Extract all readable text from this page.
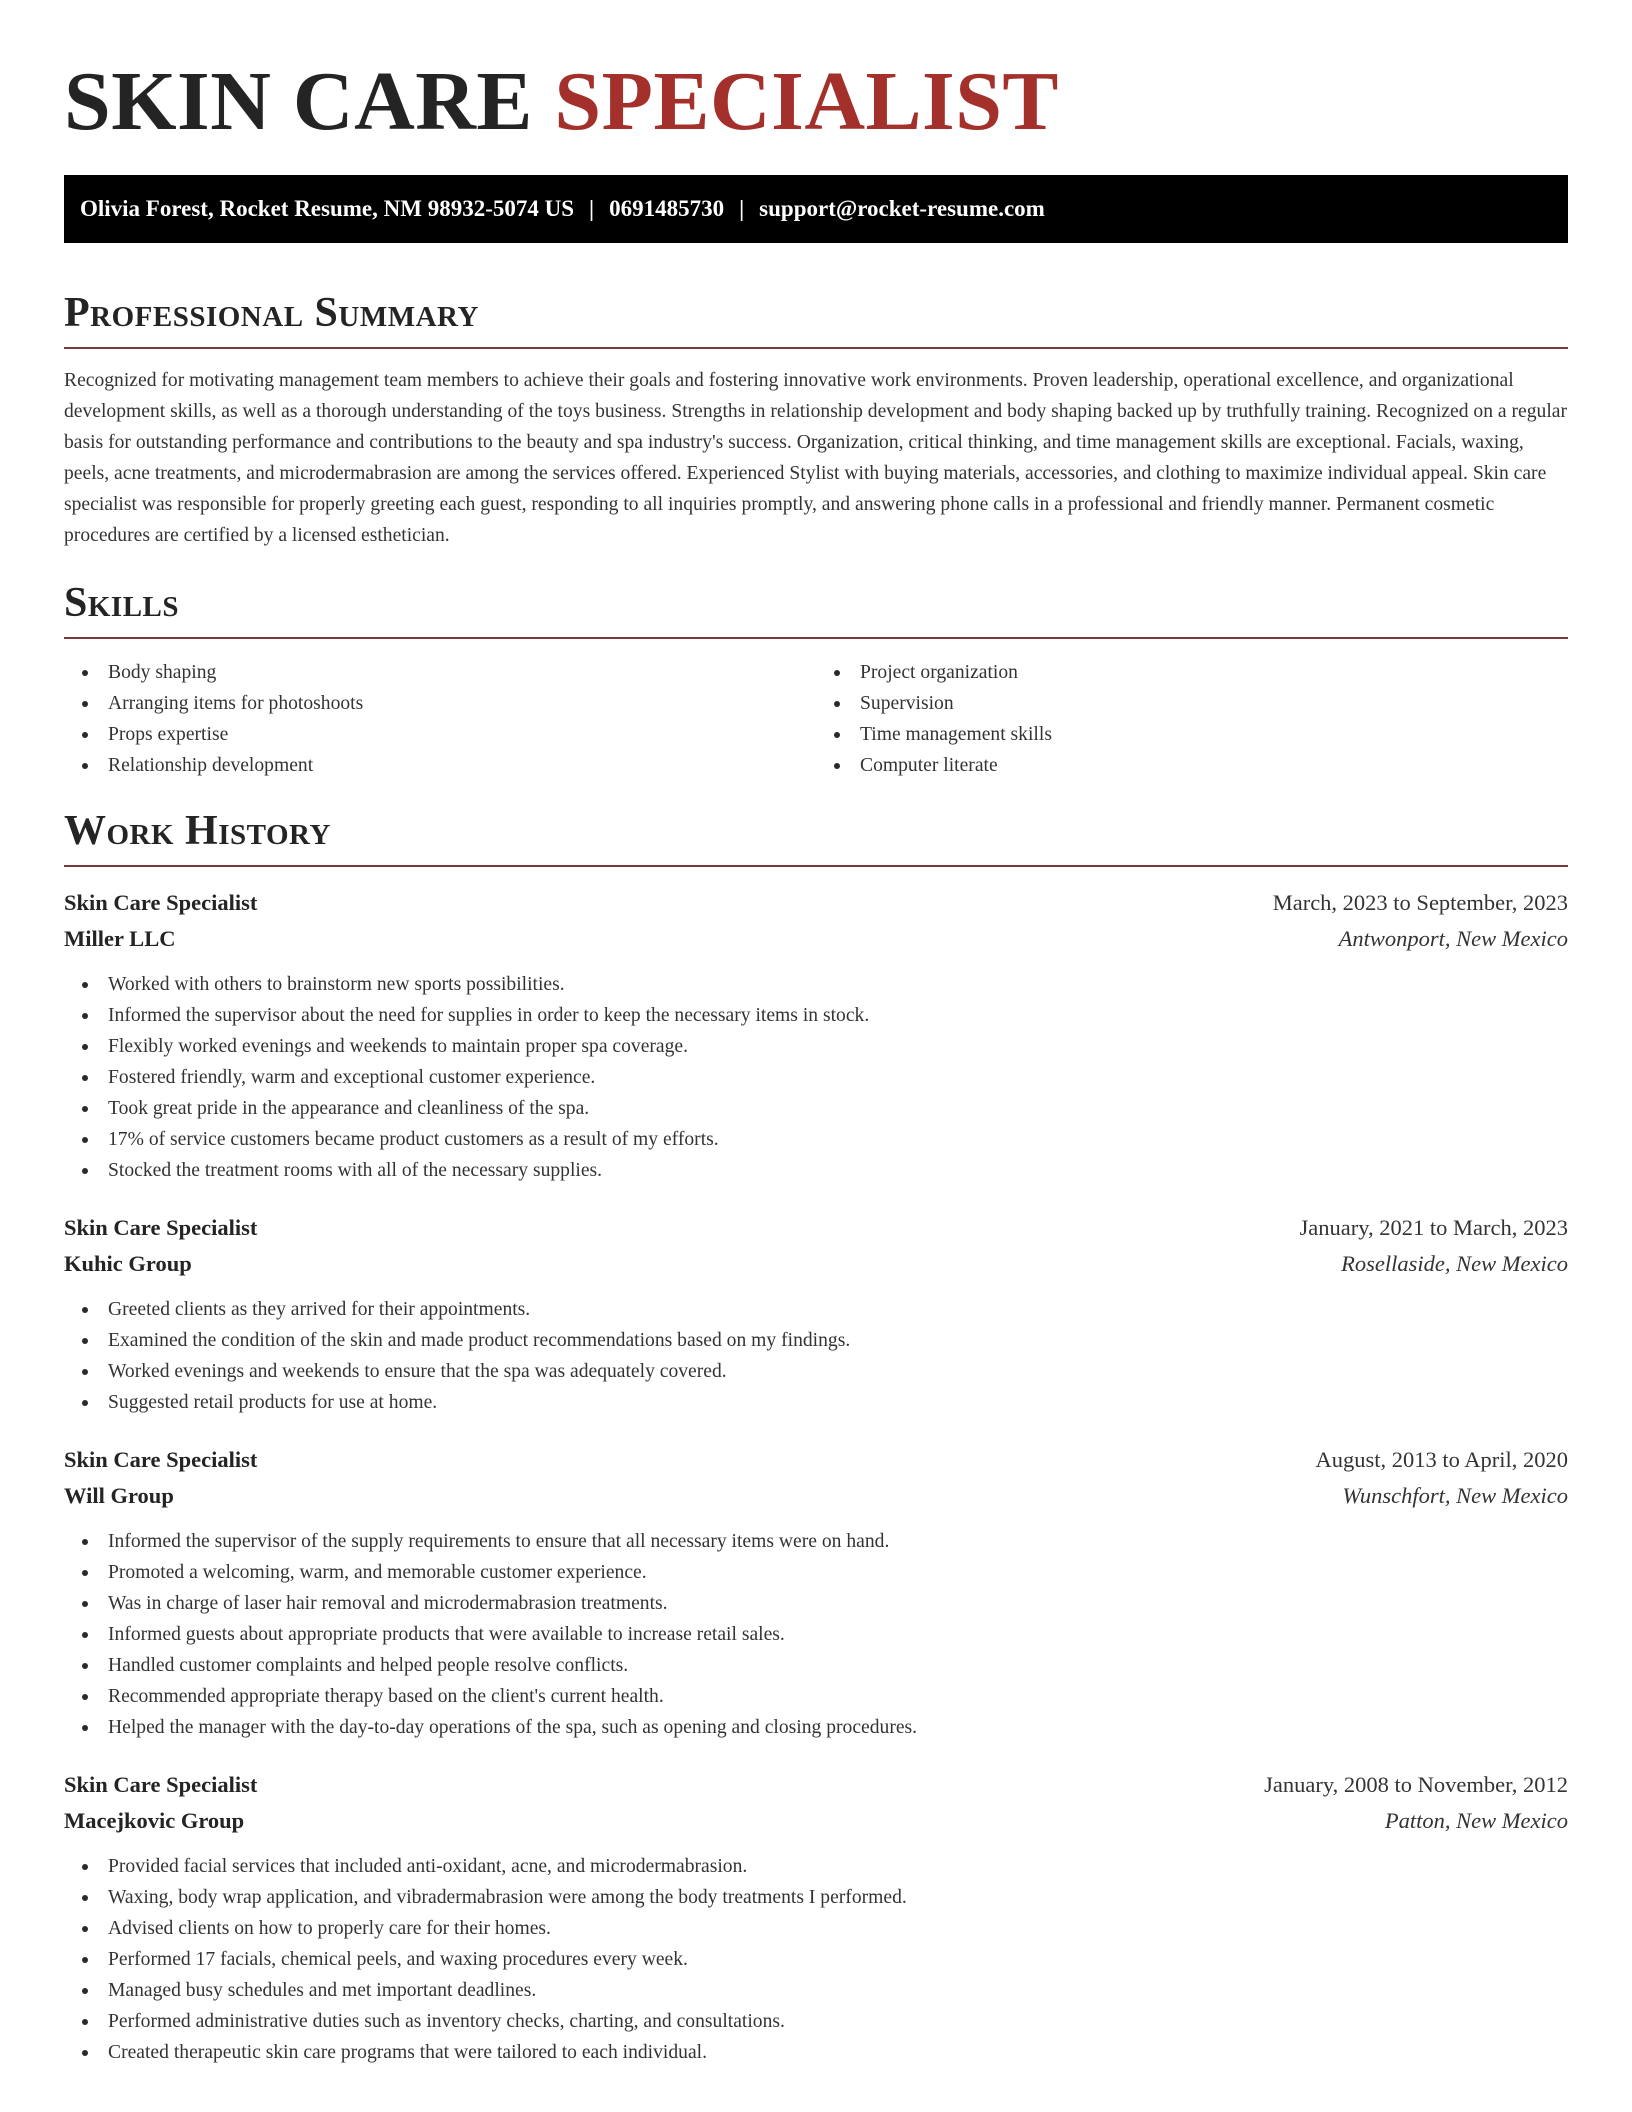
SKIN CARE SPECIALIST
Olivia Forest, Rocket Resume, NM 98932-5074 US | 0691485730 | support@rocket-resume.com
Professional Summary

Recognized for motivating management team members to achieve their goals and fostering innovative work environments. Proven leadership, operational excellence, and organizational development skills, as well as a thorough understanding of the toys business. Strengths in relationship development and body shaping backed up by truthfully training. Recognized on a regular basis for outstanding performance and contributions to the beauty and spa industry's success. Organization, critical thinking, and time management skills are exceptional. Facials, waxing, peels, acne treatments, and microdermabrasion are among the services offered. Experienced Stylist with buying materials, accessories, and clothing to maximize individual appeal. Skin care specialist was responsible for properly greeting each guest, responding to all inquiries promptly, and answering phone calls in a professional and friendly manner. Permanent cosmetic procedures are certified by a licensed esthetician.

Skills
Body shaping
Arranging items for photoshoots
Props expertise
Relationship development
Project organization
Supervision
Time management skills
Computer literate
Work History
Skin Care Specialist	March, 2023 to September, 2023
Miller LLC	Antwonport, New Mexico
Worked with others to brainstorm new sports possibilities.
Informed the supervisor about the need for supplies in order to keep the necessary items in stock.
Flexibly worked evenings and weekends to maintain proper spa coverage.
Fostered friendly, warm and exceptional customer experience.
Took great pride in the appearance and cleanliness of the spa.
17% of service customers became product customers as a result of my efforts.
Stocked the treatment rooms with all of the necessary supplies.
Skin Care Specialist	January, 2021 to March, 2023
Kuhic Group	Rosellaside, New Mexico
Greeted clients as they arrived for their appointments.
Examined the condition of the skin and made product recommendations based on my findings.
Worked evenings and weekends to ensure that the spa was adequately covered.
Suggested retail products for use at home.
Skin Care Specialist	August, 2013 to April, 2020
Will Group	Wunschfort, New Mexico
Informed the supervisor of the supply requirements to ensure that all necessary items were on hand.
Promoted a welcoming, warm, and memorable customer experience.
Was in charge of laser hair removal and microdermabrasion treatments.
Informed guests about appropriate products that were available to increase retail sales.
Handled customer complaints and helped people resolve conflicts.
Recommended appropriate therapy based on the client's current health.
Helped the manager with the day-to-day operations of the spa, such as opening and closing procedures.
Skin Care Specialist	January, 2008 to November, 2012
Macejkovic Group	Patton, New Mexico
Provided facial services that included anti-oxidant, acne, and microdermabrasion.
Waxing, body wrap application, and vibradermabrasion were among the body treatments I performed.
Advised clients on how to properly care for their homes.
Performed 17 facials, chemical peels, and waxing procedures every week.
Managed busy schedules and met important deadlines.
Performed administrative duties such as inventory checks, charting, and consultations.
Created therapeutic skin care programs that were tailored to each individual.
